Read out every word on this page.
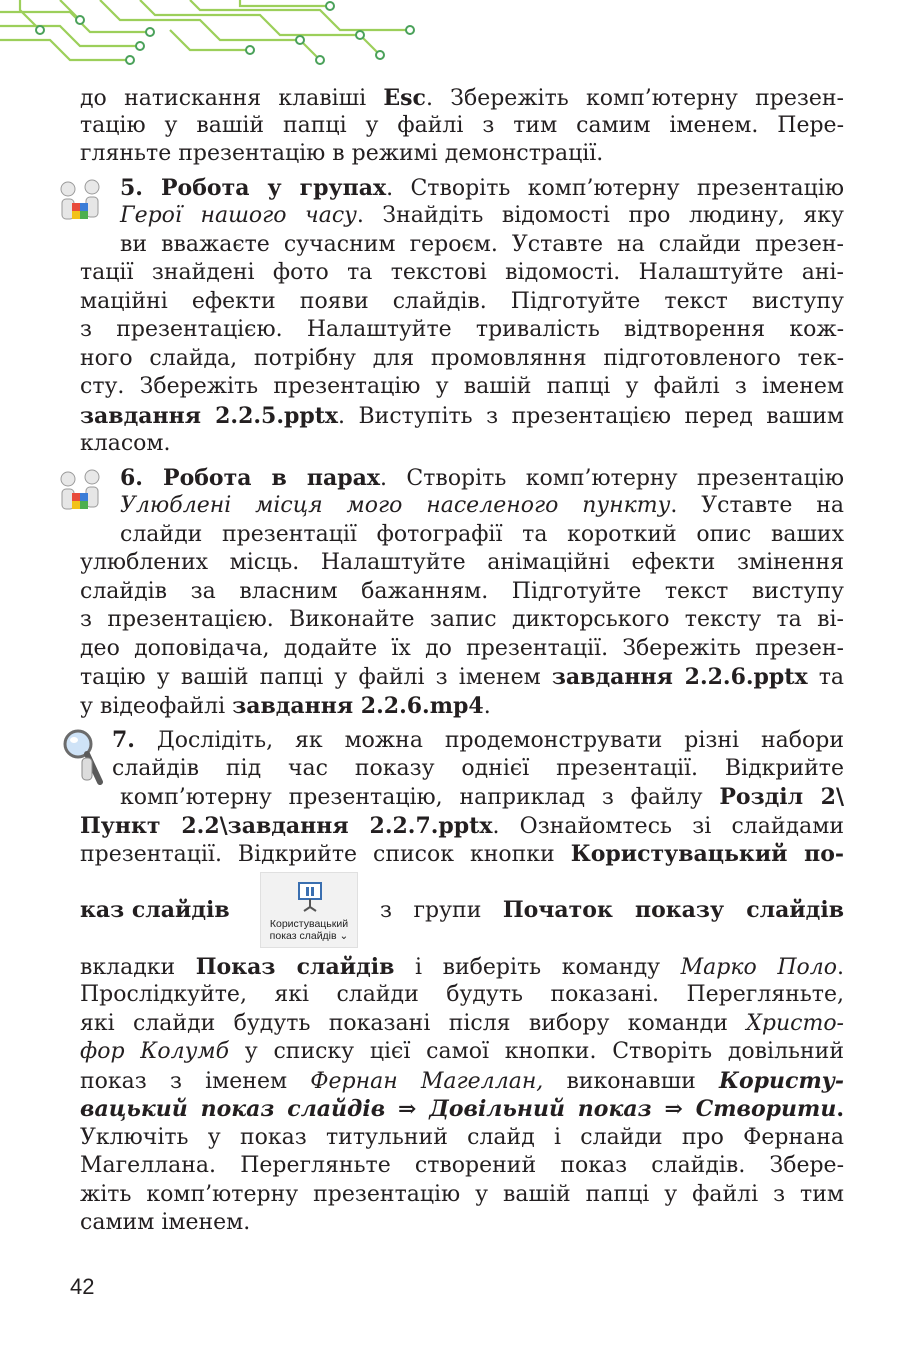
до натискання клавіші Esc. Збережіть комп’ютерну презен-
тацію у вашій папці у файлі з тим самим іменем. Пере-
гляньте презентацію в режимі демонстрації.
5. Робота у групах. Створіть комп’ютерну презентацію
Герої нашого часу. Знайдіть відомості про людину, яку
ви вважаєте сучасним героєм. Уставте на слайди презен-
тації знайдені фото та текстові відомості. Налаштуйте ані-
маційні ефекти появи слайдів. Підготуйте текст виступу
з презентацією. Налаштуйте тривалість відтворення кож-
ного слайда, потрібну для промовляння підготовленого тек-
сту. Збережіть презентацію у вашій папці у файлі з іменем
завдання 2.2.5.pptx. Виступіть з презентацією перед вашим
класом.
6. Робота в парах. Створіть комп’ютерну презентацію
Улюблені місця мого населеного пункту. Уставте на
слайди презентації фотографії та короткий опис ваших
улюблених місць. Налаштуйте анімаційні ефекти змінення
слайдів за власним бажанням. Підготуйте текст виступу
з презентацією. Виконайте запис дикторського тексту та ві-
део доповідача, додайте їх до презентації. Збережіть презен-
тацію у вашій папці у файлі з іменем завдання 2.2.6.pptx та
у відеофайлі завдання 2.2.6.mp4.
7. Дослідіть, як можна продемонструвати різні набори
слайдів під час показу однієї презентації. Відкрийте
комп’ютерну презентацію, наприклад з файлу Розділ 2\
Пункт 2.2\завдання 2.2.7.pptx. Ознайомтесь зі слайдами
презентації. Відкрийте список кнопки Користувацький по-
каз слайдів
Користувацький
показ слайдів ⌄
з групи Початок показу слайдів
вкладки Показ слайдів і виберіть команду Марко Поло.
Прослідкуйте, які слайди будуть показані. Перегляньте,
які слайди будуть показані після вибору команди Христо-
фор Колумб у списку цієї самої кнопки. Створіть довільний
показ з іменем Фернан Магеллан, виконавши Користу-
вацький показ слайдів ⇒ Довільний показ ⇒ Створити.
Уключіть у показ титульний слайд і слайди про Фернана
Магеллана. Перегляньте створений показ слайдів. Збере-
жіть комп’ютерну презентацію у вашій папці у файлі з тим
самим іменем.
42
